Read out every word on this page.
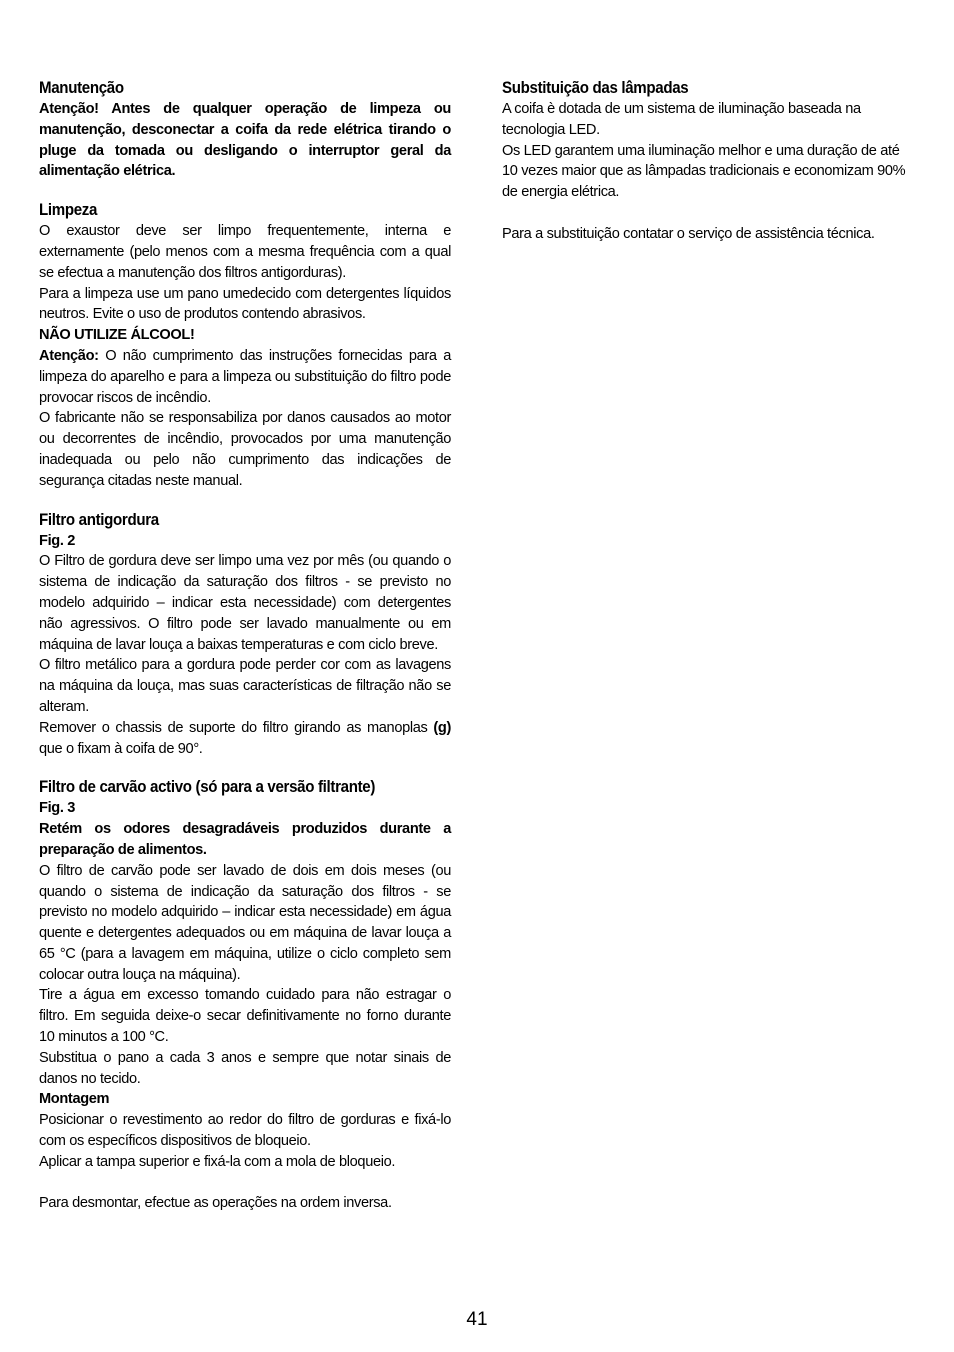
Manutenção

Atenção! Antes de qualquer operação de limpeza ou manutenção, desconectar a coifa da rede elétrica tirando o pluge da tomada ou desligando o interruptor geral da alimentação elétrica.

Limpeza

O exaustor deve ser limpo frequentemente, interna e externamente (pelo menos com a mesma frequência com a qual se efectua a manutenção dos filtros antigorduras).

Para a limpeza use um pano umedecido com detergentes líquidos neutros. Evite o uso de produtos contendo abrasivos.

NÃO UTILIZE ÁLCOOL!

Atenção: O não cumprimento das instruções fornecidas para a limpeza do aparelho e para a limpeza ou substituição do filtro pode provocar riscos de incêndio.

O fabricante não se responsabiliza por danos causados ao motor ou decorrentes de incêndio, provocados por uma manutenção inadequada ou pelo não cumprimento das indicações de segurança citadas neste manual.

Filtro antigordura

Fig. 2

O Filtro de gordura deve ser limpo uma vez por mês (ou quando o sistema de indicação da saturação dos filtros - se previsto no modelo adquirido – indicar esta necessidade) com detergentes não agressivos. O filtro pode ser lavado manualmente ou em máquina de lavar louça a baixas temperaturas e com ciclo breve.

O filtro metálico para a gordura pode perder cor com as lavagens na máquina da louça, mas suas características de filtração não se alteram.

Remover o chassis de suporte do filtro girando as manoplas (g) que o fixam à coifa de 90°.

Filtro de carvão activo (só para a versão filtrante)

Fig. 3

Retém os odores desagradáveis produzidos durante a preparação de alimentos.

O filtro de carvão pode ser lavado de dois em dois meses (ou quando o sistema de indicação da saturação dos filtros - se previsto no modelo adquirido – indicar esta necessidade) em água quente e detergentes adequados ou em máquina de lavar louça a 65 °C (para a lavagem em máquina, utilize o ciclo completo sem colocar outra louça na máquina).

Tire a água em excesso tomando cuidado para não estragar o filtro. Em seguida deixe-o secar definitivamente no forno durante 10 minutos a 100 °C.

Substitua o pano a cada 3 anos e sempre que notar sinais de danos no tecido.

Montagem

Posicionar o revestimento ao redor do filtro de gorduras e fixá-lo com os específicos dispositivos de bloqueio.

Aplicar a tampa superior e fixá-la com a mola de bloqueio.

Para desmontar, efectue as operações na ordem inversa.

Substituição das lâmpadas

A coifa è dotada de um sistema de iluminação baseada na tecnologia LED.

Os LED garantem uma iluminação melhor e uma duração de até 10 vezes maior que as lâmpadas tradicionais e economizam 90% de energia elétrica.

Para a substituição contatar o serviço de assistência técnica.

41
